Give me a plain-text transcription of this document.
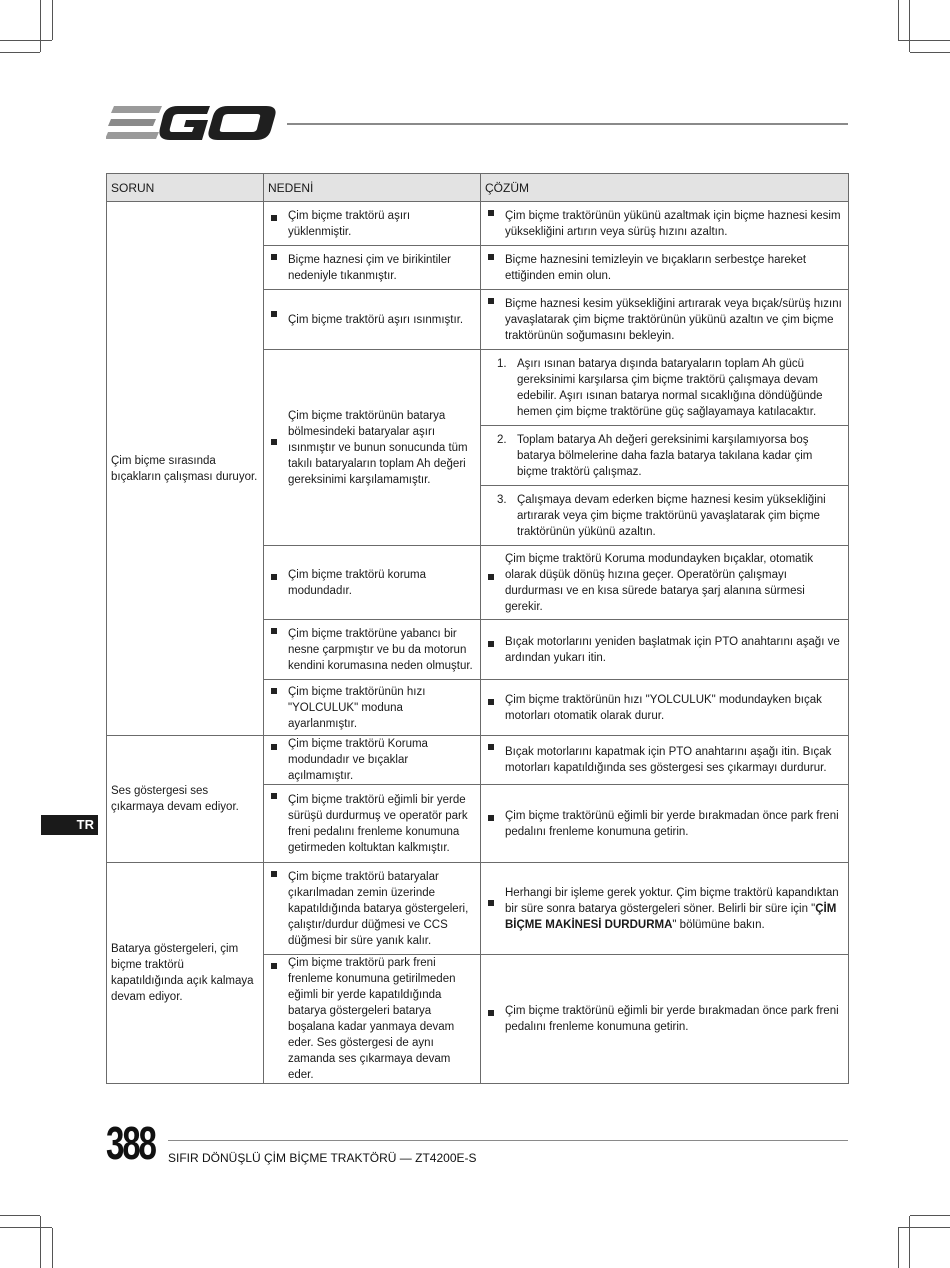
SORUN	NEDENİ	ÇÖZÜM
Çim biçme sırasında bıçakların çalışması duruyor.	Çim biçme traktörü aşırı yüklenmiştir.	Çim biçme traktörünün yükünü azaltmak için biçme haznesi kesim yüksekliğini artırın veya sürüş hızını azaltın.
	Biçme haznesi çim ve birikintiler nedeniyle tıkanmıştır.	Biçme haznesini temizleyin ve bıçakların serbestçe hareket ettiğinden emin olun.
	Çim biçme traktörü aşırı ısınmıştır.	Biçme haznesi kesim yüksekliğini artırarak veya bıçak/sürüş hızını yavaşlatarak çim biçme traktörünün yükünü azaltın ve çim biçme traktörünün soğumasını bekleyin.
	Çim biçme traktörünün batarya bölmesindeki bataryalar aşırı ısınmıştır ve bunun sonucunda tüm takılı bataryaların toplam Ah değeri gereksinimi karşılamamıştır.	1. Aşırı ısınan batarya dışında bataryaların toplam Ah gücü gereksinimi karşılarsa çim biçme traktörü çalışmaya devam edebilir. Aşırı ısınan batarya normal sıcaklığına döndüğünde hemen çim biçme traktörüne güç sağlayamaya katılacaktır.

		2. Toplam batarya Ah değeri gereksinimi karşılamıyorsa boş batarya bölmelerine daha fazla batarya takılana kadar çim biçme traktörü çalışmaz.

		3. Çalışmaya devam ederken biçme haznesi kesim yüksekliğini artırarak veya çim biçme traktörünü yavaşlatarak çim biçme traktörünün yükünü azaltın.
	Çim biçme traktörü koruma modundadır.	Çim biçme traktörü Koruma modundayken bıçaklar, otomatik olarak düşük dönüş hızına geçer. Operatörün çalışmayı durdurması ve en kısa sürede batarya şarj alanına sürmesi gerekir.
	Çim biçme traktörüne yabancı bir nesne çarpmıştır ve bu da motorun kendini korumasına neden olmuştur.	Bıçak motorlarını yeniden başlatmak için PTO anahtarını aşağı ve ardından yukarı itin.
	Çim biçme traktörünün hızı "YOLCULUK" moduna ayarlanmıştır.	Çim biçme traktörünün hızı "YOLCULUK" modundayken bıçak motorları otomatik olarak durur.
Ses göstergesi ses çıkarmaya devam ediyor.	Çim biçme traktörü Koruma modundadır ve bıçaklar açılmamıştır.	Bıçak motorlarını kapatmak için PTO anahtarını aşağı itin. Bıçak motorları kapatıldığında ses göstergesi ses çıkarmayı durdurur.
	Çim biçme traktörü eğimli bir yerde sürüşü durdurmuş ve operatör park freni pedalını frenleme konumuna getirmeden koltuktan kalkmıştır.	Çim biçme traktörünü eğimli bir yerde bırakmadan önce park freni pedalını frenleme konumuna getirin.
Batarya göstergeleri, çim biçme traktörü kapatıldığında açık kalmaya devam ediyor.	Çim biçme traktörü bataryalar çıkarılmadan zemin üzerinde kapatıldığında batarya göstergeleri, çalıştır/durdur düğmesi ve CCS düğmesi bir süre yanık kalır.	Herhangi bir işleme gerek yoktur. Çim biçme traktörü kapandıktan bir süre sonra batarya göstergeleri söner. Belirli bir süre için "ÇİM BİÇME MAKİNESİ DURDURMA" bölümüne bakın.
	Çim biçme traktörü park freni frenleme konumuna getirilmeden eğimli bir yerde kapatıldığında batarya göstergeleri batarya boşalana kadar yanmaya devam eder. Ses göstergesi de aynı zamanda ses çıkarmaya devam eder.	Çim biçme traktörünü eğimli bir yerde bırakmadan önce park freni pedalını frenleme konumuna getirin.
TR
388 SIFIR DÖNÜŞLÜ ÇİM BİÇME TRAKTÖRÜ — ZT4200E-S
